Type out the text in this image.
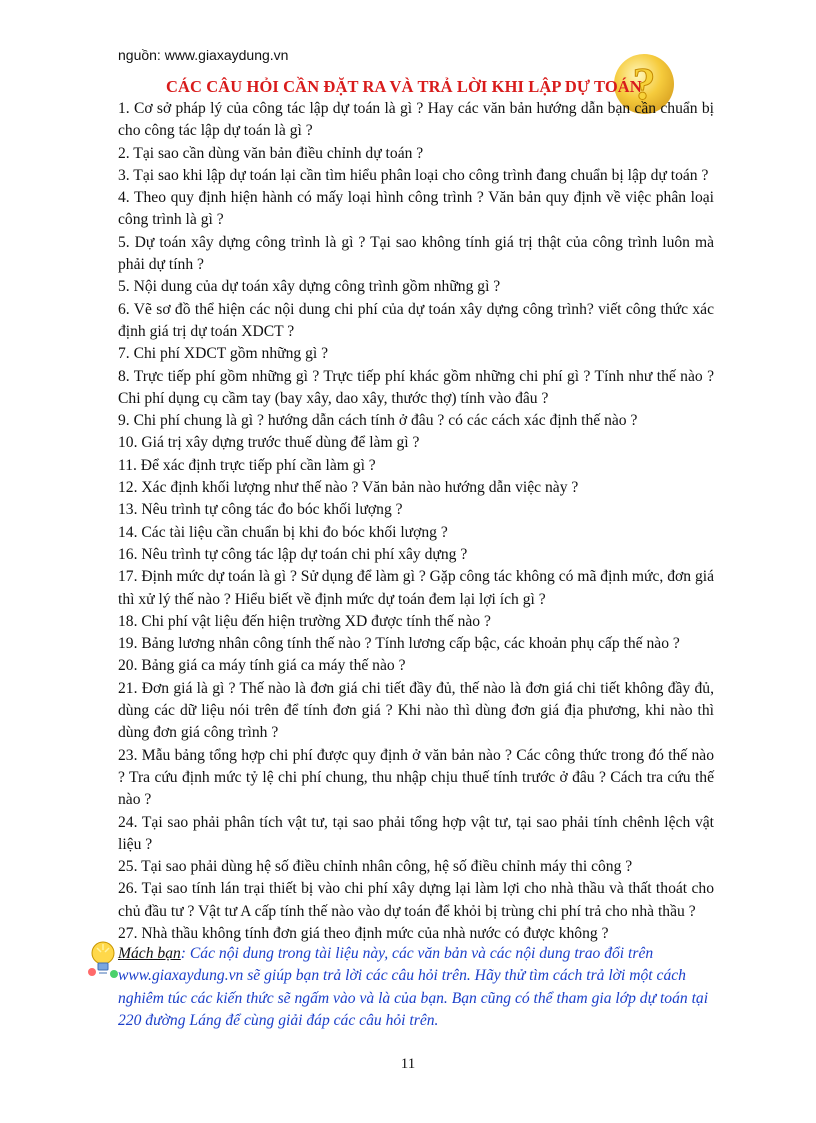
nguồn: www.giaxaydung.vn
?
CÁC CÂU HỎI CẦN ĐẶT RA VÀ TRẢ LỜI KHI LẬP DỰ TOÁN

1. Cơ sở pháp lý của công tác lập dự toán là gì ? Hay các văn bản hướng dẫn bạn cần chuẩn bị cho công tác lập dự toán là gì ?

2. Tại sao cần dùng văn bản điều chỉnh dự toán ?

3. Tại sao khi lập dự toán lại cần tìm hiểu phân loại cho công trình đang chuẩn bị lập dự toán ?

4. Theo quy định hiện hành có mấy loại hình công trình ? Văn bản quy định về việc phân loại công trình là gì ?

5. Dự toán xây dựng công trình là gì ? Tại sao không tính giá trị thật của công trình luôn mà phải dự tính ?

5. Nội dung của dự toán xây dựng công trình gồm những gì ?

6. Vẽ sơ đồ thể hiện các nội dung chi phí của dự toán xây dựng công trình? viết công thức xác định giá trị dự toán XDCT ?

7. Chi phí XDCT gồm những gì ?

8. Trực tiếp phí gồm những gì ? Trực tiếp phí khác gồm những chi phí gì ? Tính như thế nào ? Chi phí dụng cụ cầm tay (bay xây, dao xây, thước thợ) tính vào đâu ?

9. Chi phí chung là gì ? hướng dẫn cách tính ở đâu ? có các cách xác định thế nào ?

10. Giá trị xây dựng trước thuế dùng để làm gì ?

11. Để xác định trực tiếp phí cần làm gì ?

12. Xác định khối lượng như thế nào ? Văn bản nào hướng dẫn việc này ?

13. Nêu trình tự công tác đo bóc khối lượng ?

14. Các tài liệu cần chuẩn bị khi đo bóc khối lượng ?

16. Nêu trình tự công tác lập dự toán chi phí xây dựng ?

17. Định mức dự toán là gì ? Sử dụng để làm gì ? Gặp công tác không có mã định mức, đơn giá thì xử lý thế nào ? Hiểu biết về định mức dự toán đem lại lợi ích gì ?

18. Chi phí vật liệu đến hiện trường XD được tính thế nào ?

19. Bảng lương nhân công tính thế nào ? Tính lương cấp bậc, các khoản phụ cấp thế nào ?

20. Bảng giá ca máy tính giá ca máy thế nào ?

21. Đơn giá là gì ? Thế nào là đơn giá chi tiết đầy đủ, thế nào là đơn giá chi tiết không đầy đủ, dùng các dữ liệu nói trên để tính đơn giá ? Khi nào thì dùng đơn giá địa phương, khi nào thì dùng đơn giá công trình ?

23. Mẫu bảng tổng hợp chi phí được quy định ở văn bản nào ? Các công thức trong đó thế nào ? Tra cứu định mức tỷ lệ chi phí chung, thu nhập chịu thuế tính trước ở đâu ? Cách tra cứu thế nào ?

24. Tại sao phải phân tích vật tư, tại sao phải tổng hợp vật tư, tại sao phải tính chênh lệch vật liệu ?

25. Tại sao phải dùng hệ số điều chỉnh nhân công, hệ số điều chỉnh máy thi công ?

26. Tại sao tính lán trại thiết bị vào chi phí xây dựng lại làm lợi cho nhà thầu và thất thoát cho chủ đầu tư ? Vật tư A cấp tính thế nào vào dự toán để khỏi bị trùng chi phí trả cho nhà thầu ?

27. Nhà thầu không tính đơn giá theo định mức của nhà nước có được không ?

Mách bạn: Các nội dung trong tài liệu này, các văn bản và các nội dung trao đổi trên www.giaxaydung.vn sẽ giúp bạn trả lời các câu hỏi trên. Hãy thử tìm cách trả lời một cách nghiêm túc các kiến thức sẽ ngấm vào và là của bạn. Bạn cũng có thể tham gia lớp dự toán tại 220 đường Láng để cùng giải đáp các câu hỏi trên.

11
